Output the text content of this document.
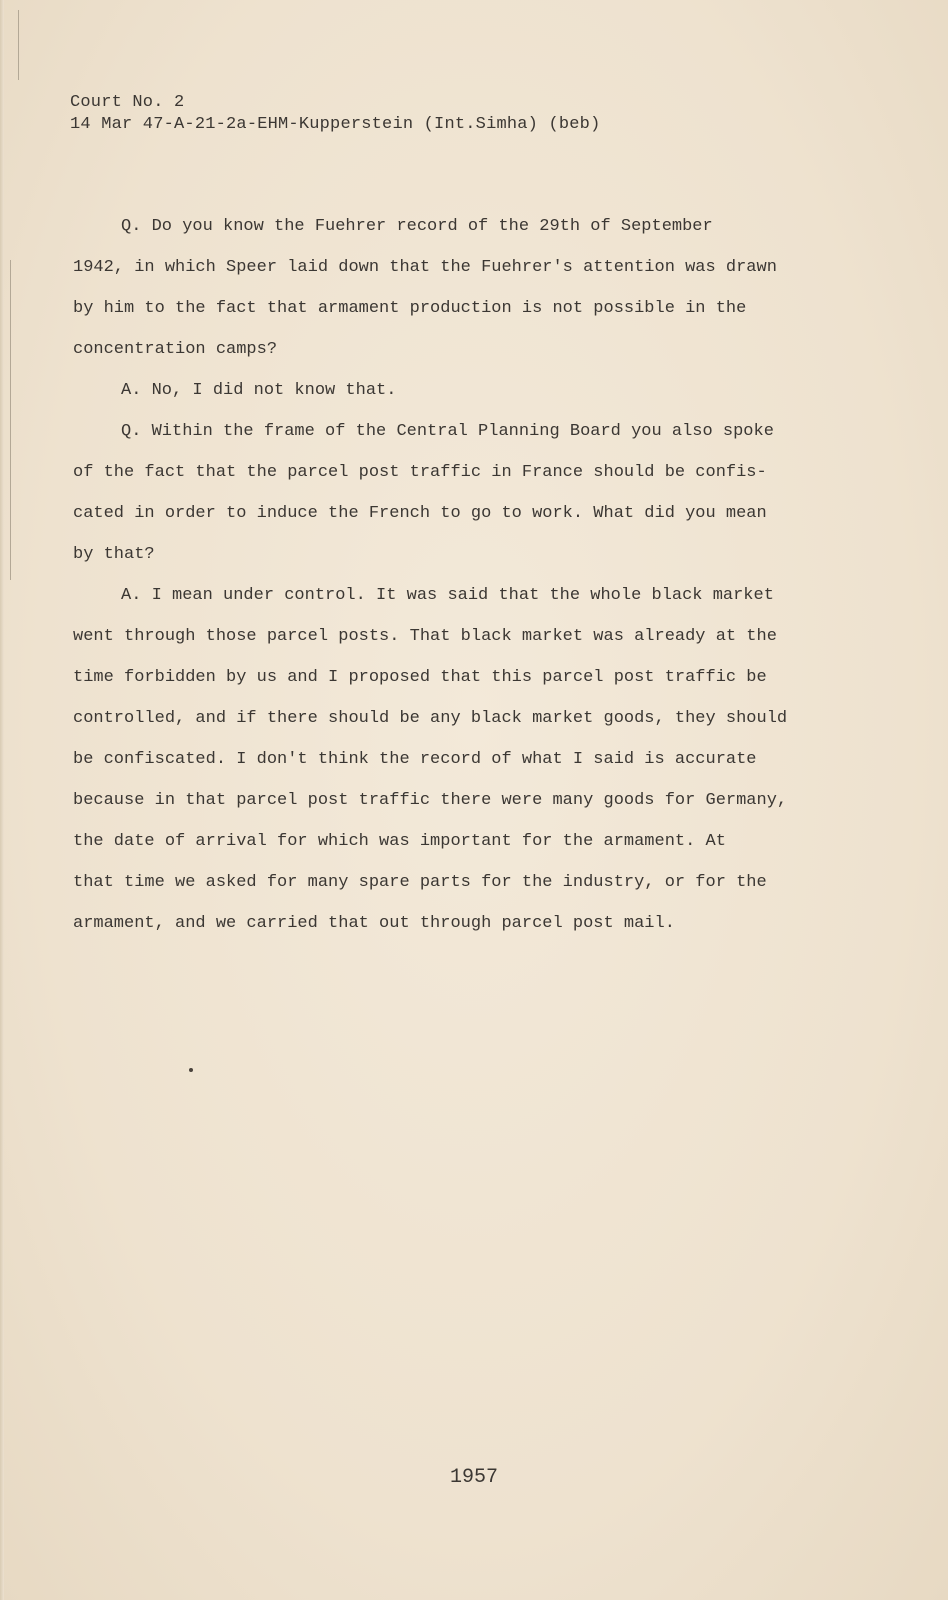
Court No. 2
14 Mar 47-A-21-2a-EHM-Kupperstein (Int.Simha) (beb)
Q. Do you know the Fuehrer record of the 29th of September
1942, in which Speer laid down that the Fuehrer's attention was drawn
by him to the fact that armament production is not possible in the
concentration camps?
A. No, I did not know that.
Q. Within the frame of the Central Planning Board you also spoke
of the fact that the parcel post traffic in France should be confis-
cated in order to induce the French to go to work. What did you mean
by that?
A. I mean under control. It was said that the whole black market
went through those parcel posts. That black market was already at the
time forbidden by us and I proposed that this parcel post traffic be
controlled, and if there should be any black market goods, they should
be confiscated. I don't think the record of what I said is accurate
because in that parcel post traffic there were many goods for Germany,
the date of arrival for which was important for the armament. At
that time we asked for many spare parts for the industry, or for the
armament, and we carried that out through parcel post mail.
1957
